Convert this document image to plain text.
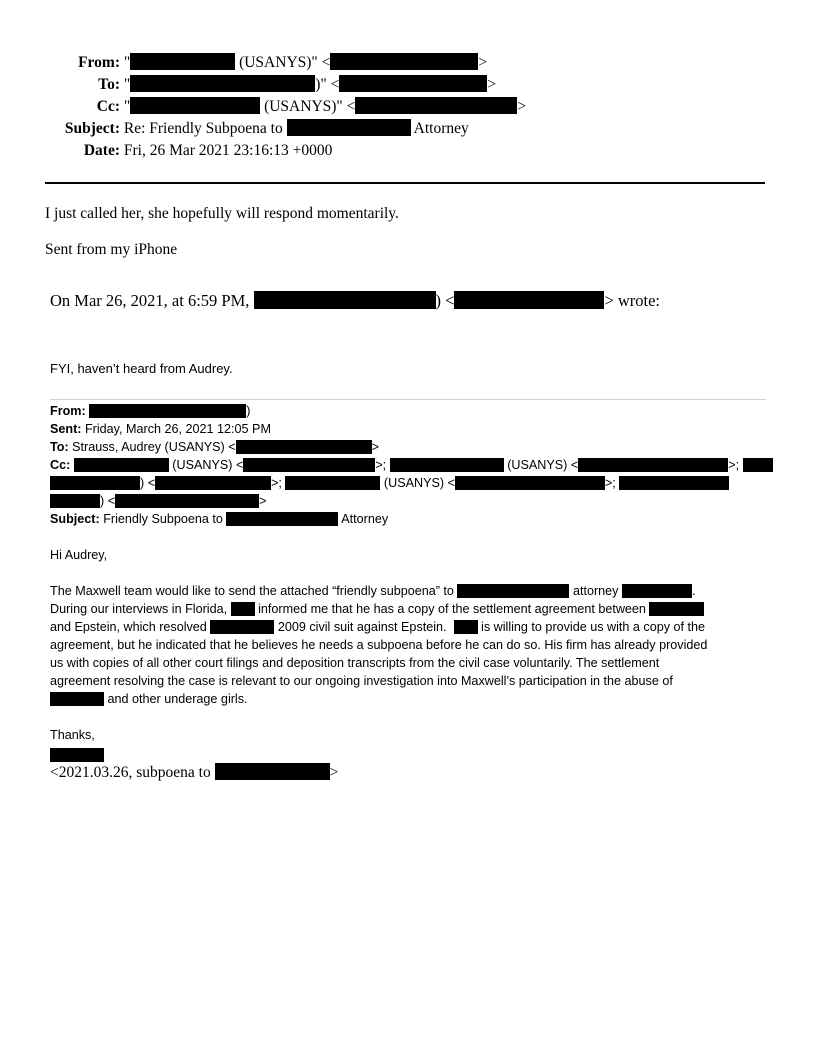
From: "	(USANYS)" <	>
To: "	)" <	>
Cc: "	(USANYS)" <	>
Subject: Re: Friendly Subpoena to	Attorney
Date: Fri, 26 Mar 2021 23:16:13 +0000
I just called her, she hopefully will respond momentarily.
Sent from my iPhone
On Mar 26, 2021, at 6:59 PM,	) <	> wrote:
FYI, haven’t heard from Audrey.
From:	)
Sent: Friday, March 26, 2021 12:05 PM
To: Strauss, Audrey (USANYS) <	>
Cc:	(USANYS) <	>;	(USANYS) <	>;
) <	>;	(USANYS) <	>;
) <	>
Subject: Friendly Subpoena to	Attorney
Hi Audrey,
The Maxwell team would like to send the attached “friendly subpoena” to	attorney	.
During our interviews in Florida, informed me that he has a copy of the settlement agreement between
and Epstein, which resolved	2009 civil suit against Epstein.	is willing to provide us with a copy of the
agreement, but he indicated that he believes he needs a subpoena before he can do so. His firm has already provided
us with copies of all other court filings and deposition transcripts from the civil case voluntarily. The settlement
agreement resolving the case is relevant to our ongoing investigation into Maxwell’s participation in the abuse of
and other underage girls.
Thanks,
<2021.03.26, subpoena to	>
